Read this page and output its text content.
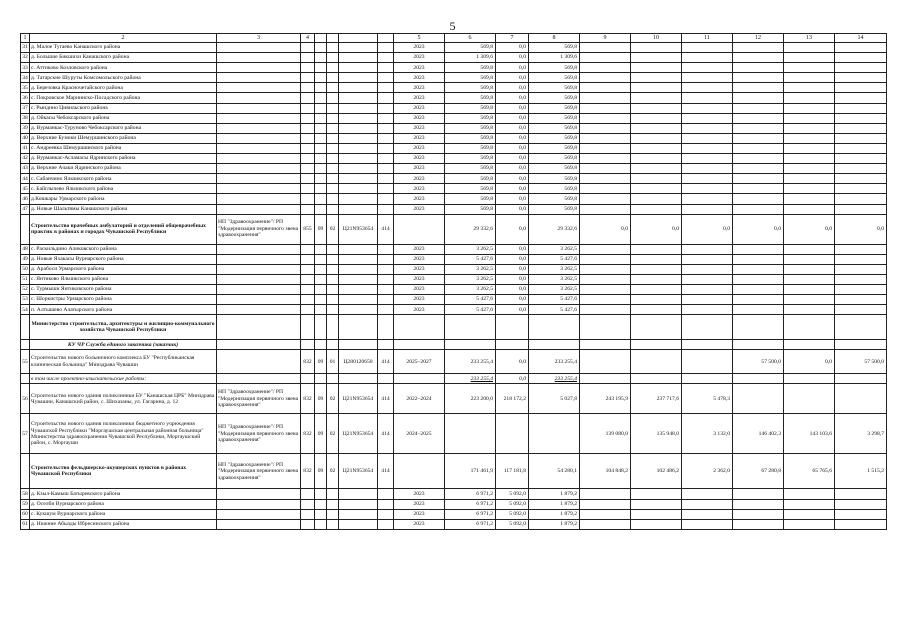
5
1	2	3	4					5	6	7	8	9	10	11	12	13	14
31	д. Малое Тугаево Канашского района							2023	569,8	0,0	569,8						
32	д. Большие Бикшихи Канашского района							2023	1 309,6	0,0	1 309,6						
33	с. Аттиково Козловского района							2023	569,8	0,0	569,8						
34	д. Татарские Шуруты Комсомольского района							2023	569,8	0,0	569,8						
35	д. Березовка Красночетайского района							2023	569,8	0,0	569,8						
36	с. Покровское Мариинско-Посадского района							2023	569,8	0,0	569,8						
37	с. Рындино Цивильского района							2023	569,8	0,0	569,8						
38	д. Ойкасы Чебоксарского района							2023	569,8	0,0	569,8						
39	д. Вурманкас-Туруново Чебоксарского района							2023	569,8	0,0	569,8						
40	д. Верхние Бузюки Шемуршинского района							2023	569,8	0,0	569,8						
41	с. Андреевка Шемуршинского района							2023	569,8	0,0	569,8						
42	д. Вурманкас-Асламасы Ядринского района							2023	569,8	0,0	569,8						
43	д. Верхние Ачаки Ядринского района							2023	569,8	0,0	569,8						
44	с. Сабанчино Яльчикского района							2023	569,8	0,0	569,8						
45	с. Байглычево Яльчикского района							2023	569,8	0,0	569,8						
46	д.Кошкары Урмарского района							2023	569,8	0,0	569,8						
47	д. Новые Шальтямы Канашского района							2023	569,8	0,0	569,8						
	Строительство врачебных амбулаторий и отделений общеврачебных практик в районах и городах Чувашской Республики	НП "Здравоохранение"/ РП "Модернизация первичного звена здравоохранения"	855	09	02	Ц21N953654	414		29 332,6	0,0	29 332,6	0,0	0,0	0,0	0,0	0,0	0,0
48	с. Раскильдино Аликовского района							2023	3 262,5	0,0	3 262,5						
49	д. Новые Яхакасы Вурнарского района							2023	5 427,6	0,0	5 427,6						
50	д. Арабоси Урмарского района							2023	3 262,5	0,0	3 262,5						
51	с. Янтиково Яльчикского района							2023	3 262,5	0,0	3 262,5						
52	с. Турмыши Янтиковского района							2023	3 262,5	0,0	3 262,5						
53	с. Шоркистры Урмарского района							2023	5 427,6	0,0	5 427,6						
54	п. Алтышево Алатырского района							2023	5 427,6	0,0	5 427,6						
	Министерство строительства, архитектуры и жилищно-коммунального хозяйства Чувашской Республики																
	КУ ЧР Служба единого заказчика (заказчик)																
55	Строительство нового больничного комплекса БУ "Республиканская клиническая больница" Минздрава Чувашии		832	09	01	Ц280120650	414	2025–2027	233 255,4	0,0	233 255,4				57 500,0	0,0	57 500,0
	в том числе проектно-изыскательские работы:								233 255,4	0,0	233 255,4						
56	Строительство нового здания поликлиники БУ "Канашская ЦРБ" Минздрава Чувашии, Канашский район, с. Шихазаны, ул. Гагарина, д. 12	НП "Здравоохранение"/ РП "Модернизация первичного звена здравоохранения"	832	09	02	Ц21N953654	414	2022–2024	223 200,0	218 172,2	5 027,8	243 195,9	237 717,6	5 478,3			
57	Строительство нового здания поликлиники бюджетного учреждения Чувашской Республики "Моргаушская центральная районная больница" Министерства здравоохранения Чувашской Республики, Моргаушский район, с. Моргауши	НП "Здравоохранение"/ РП "Модернизация первичного звена здравоохранения"	832	09	02	Ц21N953654	414	2024–2025				139 080,0	135 948,0	3 132,0	146 402,3	143 103,6	3 298,7
	Строительство фельдшерско-акушерских пунктов в районах Чувашской Республики	НП "Здравоохранение"/ РП "Модернизация первичного звена здравоохранения"	832	09	02	Ц21N953654	414		171 461,9	117 181,8	54 280,1	104 848,2	102 486,2	2 362,0	67 280,8	65 765,6	1 515,2
58	д. Кзыл-Камыш Батыревского района							2023	6 971,2	5 092,0	1 879,2						
59	д. Оселби Вурнарского района							2023	6 971,2	5 092,0	1 879,2						
60	с. Кукшум Вурнарского района							2023	6 971,2	5 092,0	1 879,2						
61	д. Нижние Абызды Ибресинского района							2023	6 971,2	5 092,0	1 879,2						
